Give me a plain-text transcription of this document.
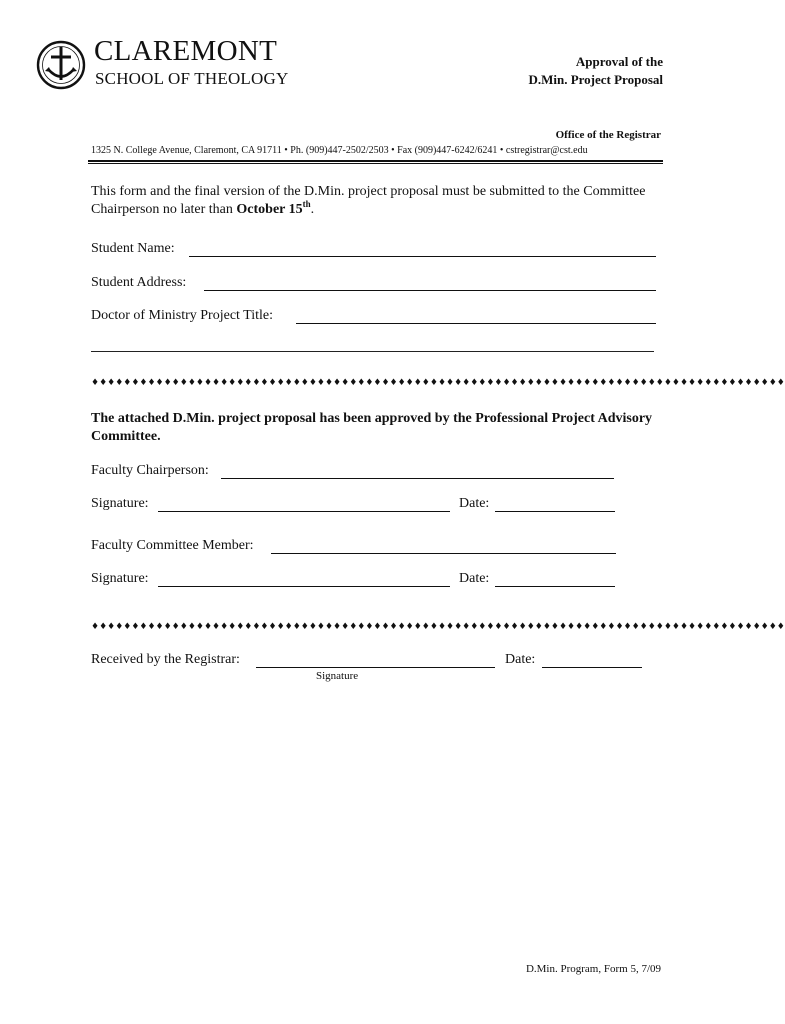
CLAREMONT
SCHOOL OF THEOLOGY
Approval of the
D.Min. Project Proposal
Office of the Registrar
1325 N. College Avenue, Claremont, CA 91711 • Ph. (909)447-2502/2503 • Fax (909)447-6242/6241 • cstregistrar@cst.edu
This form and the final version of the D.Min. project proposal must be submitted to the Committee Chairperson no later than October 15th.
Student Name:
Student Address:
Doctor of Ministry Project Title:
♦♦♦♦♦♦♦♦♦♦♦♦♦♦♦♦♦♦♦♦♦♦♦♦♦♦♦♦♦♦♦♦♦♦♦♦♦♦♦♦♦♦♦♦♦♦♦♦♦♦♦♦♦♦♦♦♦♦♦♦♦♦♦♦♦♦♦♦♦♦♦♦♦♦♦♦♦♦♦♦♦♦♦♦♦♦
The attached D.Min. project proposal has been approved by the Professional Project Advisory Committee.
Faculty Chairperson:
Signature:	Date:
Faculty Committee Member:
Signature:	Date:
♦♦♦♦♦♦♦♦♦♦♦♦♦♦♦♦♦♦♦♦♦♦♦♦♦♦♦♦♦♦♦♦♦♦♦♦♦♦♦♦♦♦♦♦♦♦♦♦♦♦♦♦♦♦♦♦♦♦♦♦♦♦♦♦♦♦♦♦♦♦♦♦♦♦♦♦♦♦♦♦♦♦♦♦♦♦
Received by the Registrar:	Date:
Signature
D.Min. Program, Form 5, 7/09
